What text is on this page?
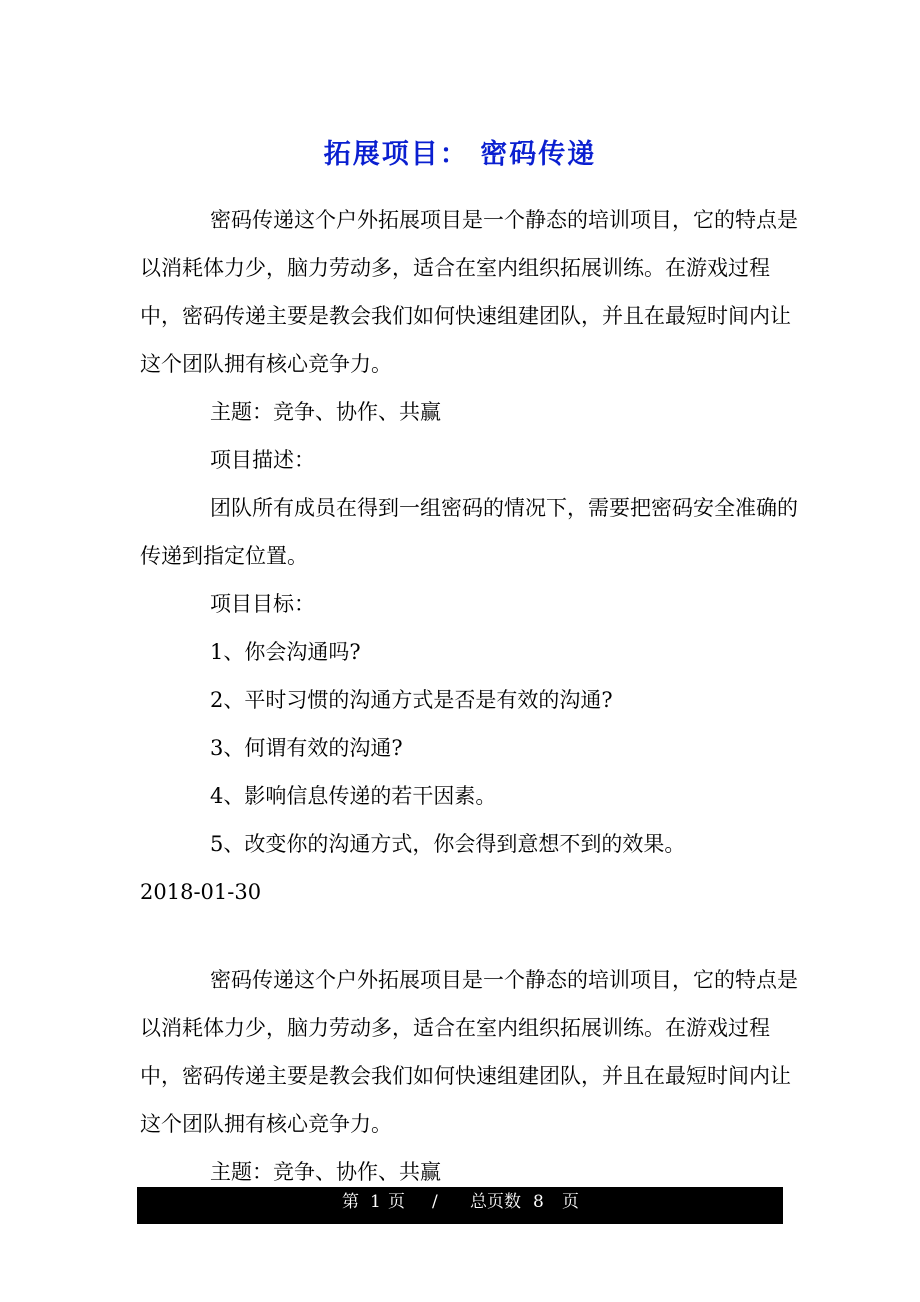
拓展项目： 密码传递

密码传递这个户外拓展项目是一个静态的培训项目，它的特点是以消耗体力少，脑力劳动多，适合在室内组织拓展训练。在游戏过程中，密码传递主要是教会我们如何快速组建团队，并且在最短时间内让这个团队拥有核心竞争力。

主题：竞争、协作、共赢

项目描述：

团队所有成员在得到一组密码的情况下，需要把密码安全准确的传递到指定位置。

项目目标：

1、你会沟通吗?

2、平时习惯的沟通方式是否是有效的沟通?

3、何谓有效的沟通?

4、影响信息传递的若干因素。

5、改变你的沟通方式，你会得到意想不到的效果。

2018-01-30

密码传递这个户外拓展项目是一个静态的培训项目，它的特点是以消耗体力少，脑力劳动多，适合在室内组织拓展训练。在游戏过程中，密码传递主要是教会我们如何快速组建团队，并且在最短时间内让这个团队拥有核心竞争力。

主题：竞争、协作、共赢

第 1 页 / 总页数 8 页
